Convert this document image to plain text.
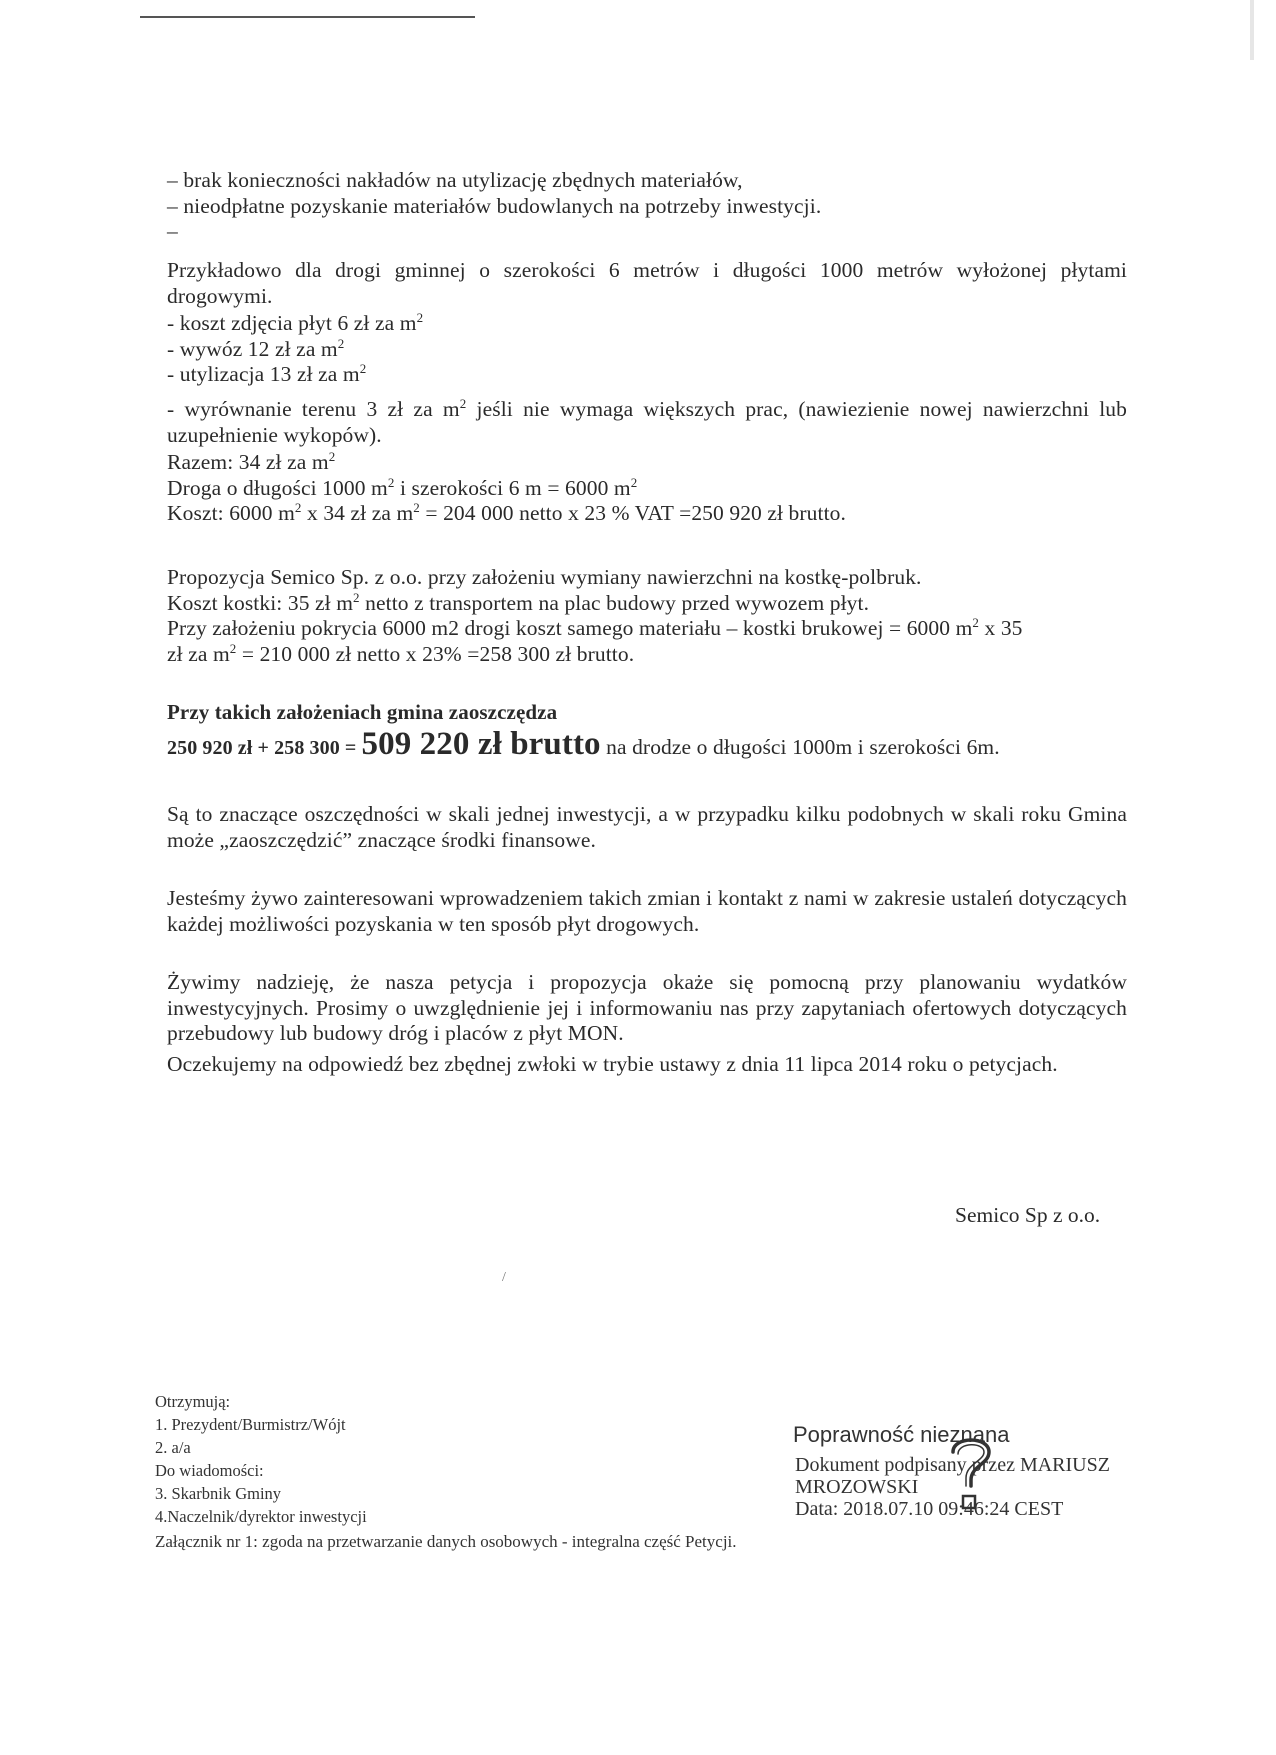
– brak konieczności nakładów na utylizację zbędnych materiałów,
– nieodpłatne pozyskanie materiałów budowlanych na potrzeby inwestycji.
–
Przykładowo dla drogi gminnej o szerokości 6 metrów i długości 1000 metrów wyłożonej płytami drogowymi.
- koszt zdjęcia płyt 6 zł za $m^2$
- wywóz 12 zł za $m^2$
- utylizacja 13 zł za $m^2$
- wyrównanie terenu 3 zł za $m^2$ jeśli nie wymaga większych prac, (nawiezienie nowej nawierzchni lub uzupełnienie wykopów).
Razem: 34 zł za $m^2$
Droga o długości 1000 $m^2$ i szerokości 6 m = 6000 $m^2$
Koszt: 6000 $m^2$ x 34 zł za $m^2 = 204$ 000 netto x 23 % VAT =250 920 zł brutto.
Propozycja Semico Sp. z o.o. przy założeniu wymiany nawierzchni na kostkę-polbruk.
Koszt kostki: 35 zł $m^2$ netto z transportem na plac budowy przed wywozem płyt.
Przy założeniu pokrycia 6000 m2 drogi koszt samego materiału – kostki brukowej = 6000 $m^2$ x 35
zł za $m^2 = 210$ 000 zł netto x 23% =258 300 zł brutto.
Przy takich założeniach gmina zaoszczędza
250 920 zł + 258 300 = 509 220 zł brutto na drodze o długości 1000m i szerokości 6m.
Są to znaczące oszczędności w skali jednej inwestycji, a w przypadku kilku podobnych w skali roku Gmina może „zaoszczędzić” znaczące środki finansowe.
Jesteśmy żywo zainteresowani wprowadzeniem takich zmian i kontakt z nami w zakresie ustaleń dotyczących każdej możliwości pozyskania w ten sposób płyt drogowych.
Żywimy nadzieję, że nasza petycja i propozycja okaże się pomocną przy planowaniu wydatków inwestycyjnych. Prosimy o uwzględnienie jej i informowaniu nas przy zapytaniach ofertowych dotyczących przebudowy lub budowy dróg i placów z płyt MON.
Oczekujemy na odpowiedź bez zbędnej zwłoki w trybie ustawy z dnia 11 lipca 2014 roku o petycjach.
Semico Sp z o.o.
/
Otrzymują:
1. Prezydent/Burmistrz/Wójt
2. a/a
Do wiadomości:
3. Skarbnik Gminy
4.Naczelnik/dyrektor inwestycji
Załącznik nr 1: zgoda na przetwarzanie danych osobowych - integralna część Petycji.
Poprawność nieznana
Dokument podpisany przez MARIUSZ
MROZOWSKI
Data: 2018.07.10 09:46:24 CEST
